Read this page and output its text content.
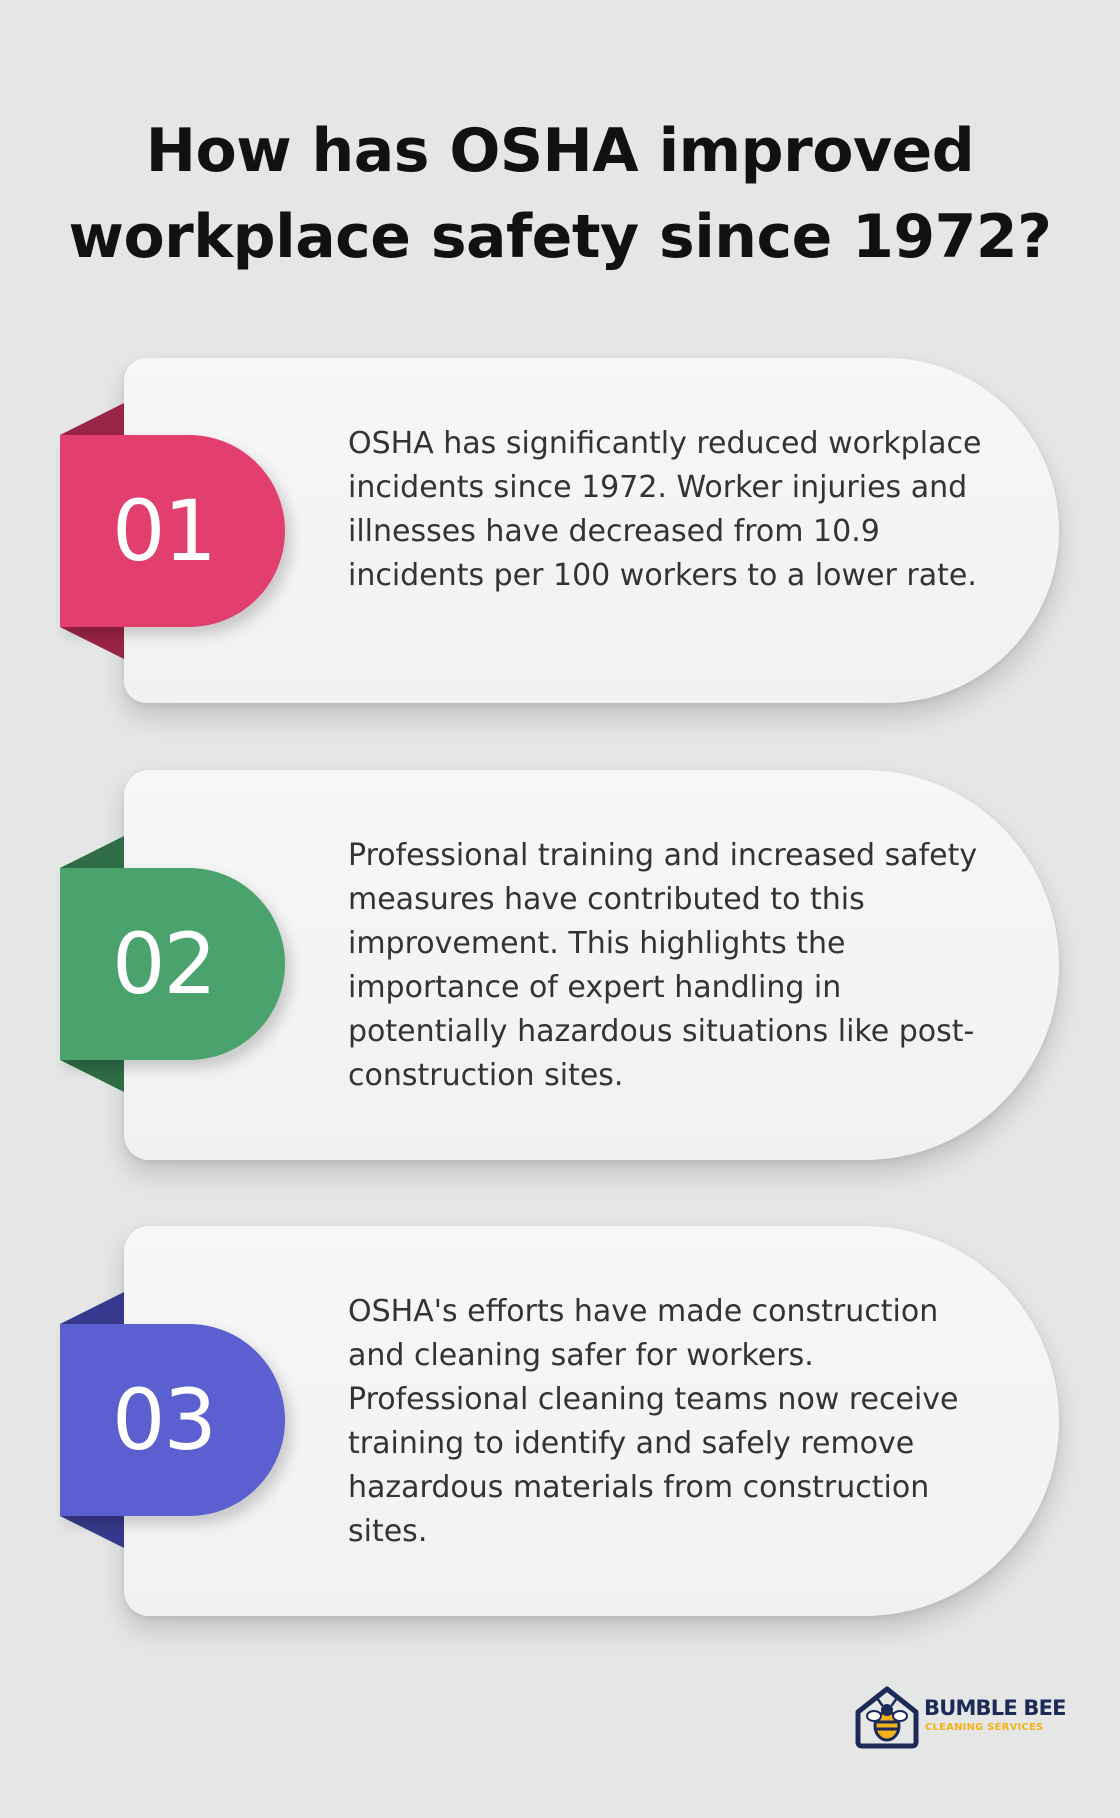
How has OSHA improved
workplace safety since 1972?
OSHA has significantly reduced workplace incidents since 1972. Worker injuries and illnesses have decreased from 10.9 incidents per 100 workers to a lower rate.
01
Professional training and increased safety measures have contributed to this improvement. This highlights the importance of expert handling in potentially hazardous situations like post-construction sites.
02
OSHA's efforts have made construction and cleaning safer for workers. Professional cleaning teams now receive training to identify and safely remove hazardous materials from construction sites.
03
BUMBLE BEE
CLEANING SERVICES
